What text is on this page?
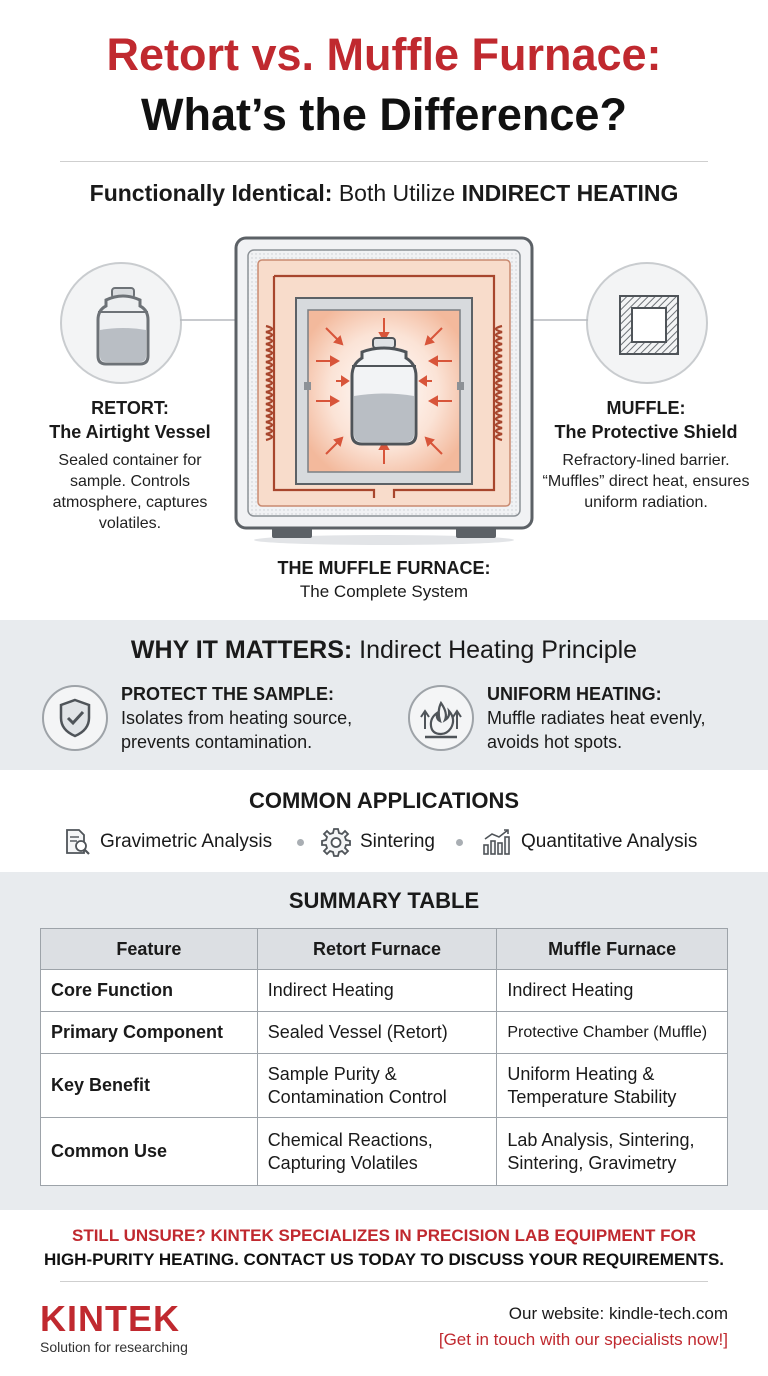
Retort vs. Muffle Furnace:
What’s the Difference?
Functionally Identical: Both Utilize INDIRECT HEATING
RETORT:
The Airtight Vessel
Sealed container for sample. Controls atmosphere, captures volatiles.
MUFFLE:
The Protective Shield
Refractory-lined barrier. “Muffles” direct heat, ensures uniform radiation.
THE MUFFLE FURNACE:
The Complete System
WHY IT MATTERS: Indirect Heating Principle
PROTECT THE SAMPLE:
Isolates from heating source, prevents contamination.
UNIFORM HEATING:
Muffle radiates heat evenly, avoids hot spots.
COMMON APPLICATIONS
Gravimetric Analysis	Sintering	Quantitative Analysis
SUMMARY TABLE
Feature	Retort Furnace	Muffle Furnace
Core Function	Indirect Heating	Indirect Heating
Primary Component	Sealed Vessel (Retort)	Protective Chamber (Muffle)
Key Benefit	Sample Purity & Contamination Control	Uniform Heating & Temperature Stability
Common Use	Chemical Reactions, Capturing Volatiles	Lab Analysis, Sintering, Sintering, Gravimetry
STILL UNSURE? KINTEK SPECIALIZES IN PRECISION LAB EQUIPMENT FOR
HIGH-PURITY HEATING. CONTACT US TODAY TO DISCUSS YOUR REQUIREMENTS.
KINTEK
Solution for researching
Our website: kindle-tech.com
[Get in touch with our specialists now!]
